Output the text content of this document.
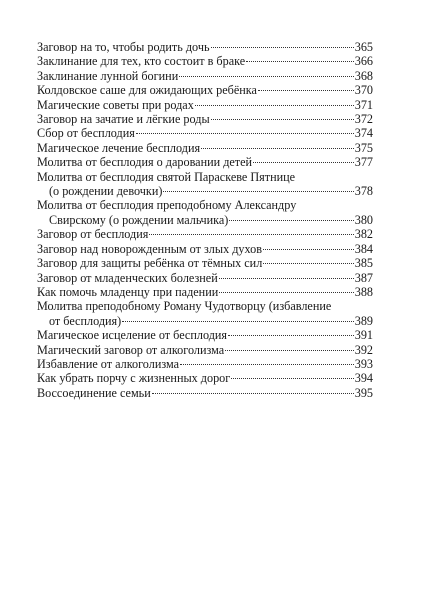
Заговор на то, чтобы родить дочь	365
Заклинание для тех, кто состоит в браке	366
Заклинание лунной богини	368
Колдовское саше для ожидающих ребёнка	370
Магические советы при родах	371
Заговор на зачатие и лёгкие роды	372
Сбор от бесплодия	374
Магическое лечение бесплодия	375
Молитва от бесплодия о даровании детей	377
Молитва от бесплодия святой Параскеве Пятнице
(о рождении девочки)	378
Молитва от бесплодия преподобному Александру
Свирскому (о рождении мальчика)	380
Заговор от бесплодия	382
Заговор над новорожденным от злых духов	384
Заговор для защиты ребёнка от тёмных сил	385
Заговор от младенческих болезней	387
Как помочь младенцу при падении	388
Молитва преподобному Роману Чудотворцу (избавление
от бесплодия)	389
Магическое исцеление от бесплодия	391
Магический заговор от алкоголизма	392
Избавление от алкоголизма	393
Как убрать порчу с жизненных дорог	394
Воссоединение семьи	395
